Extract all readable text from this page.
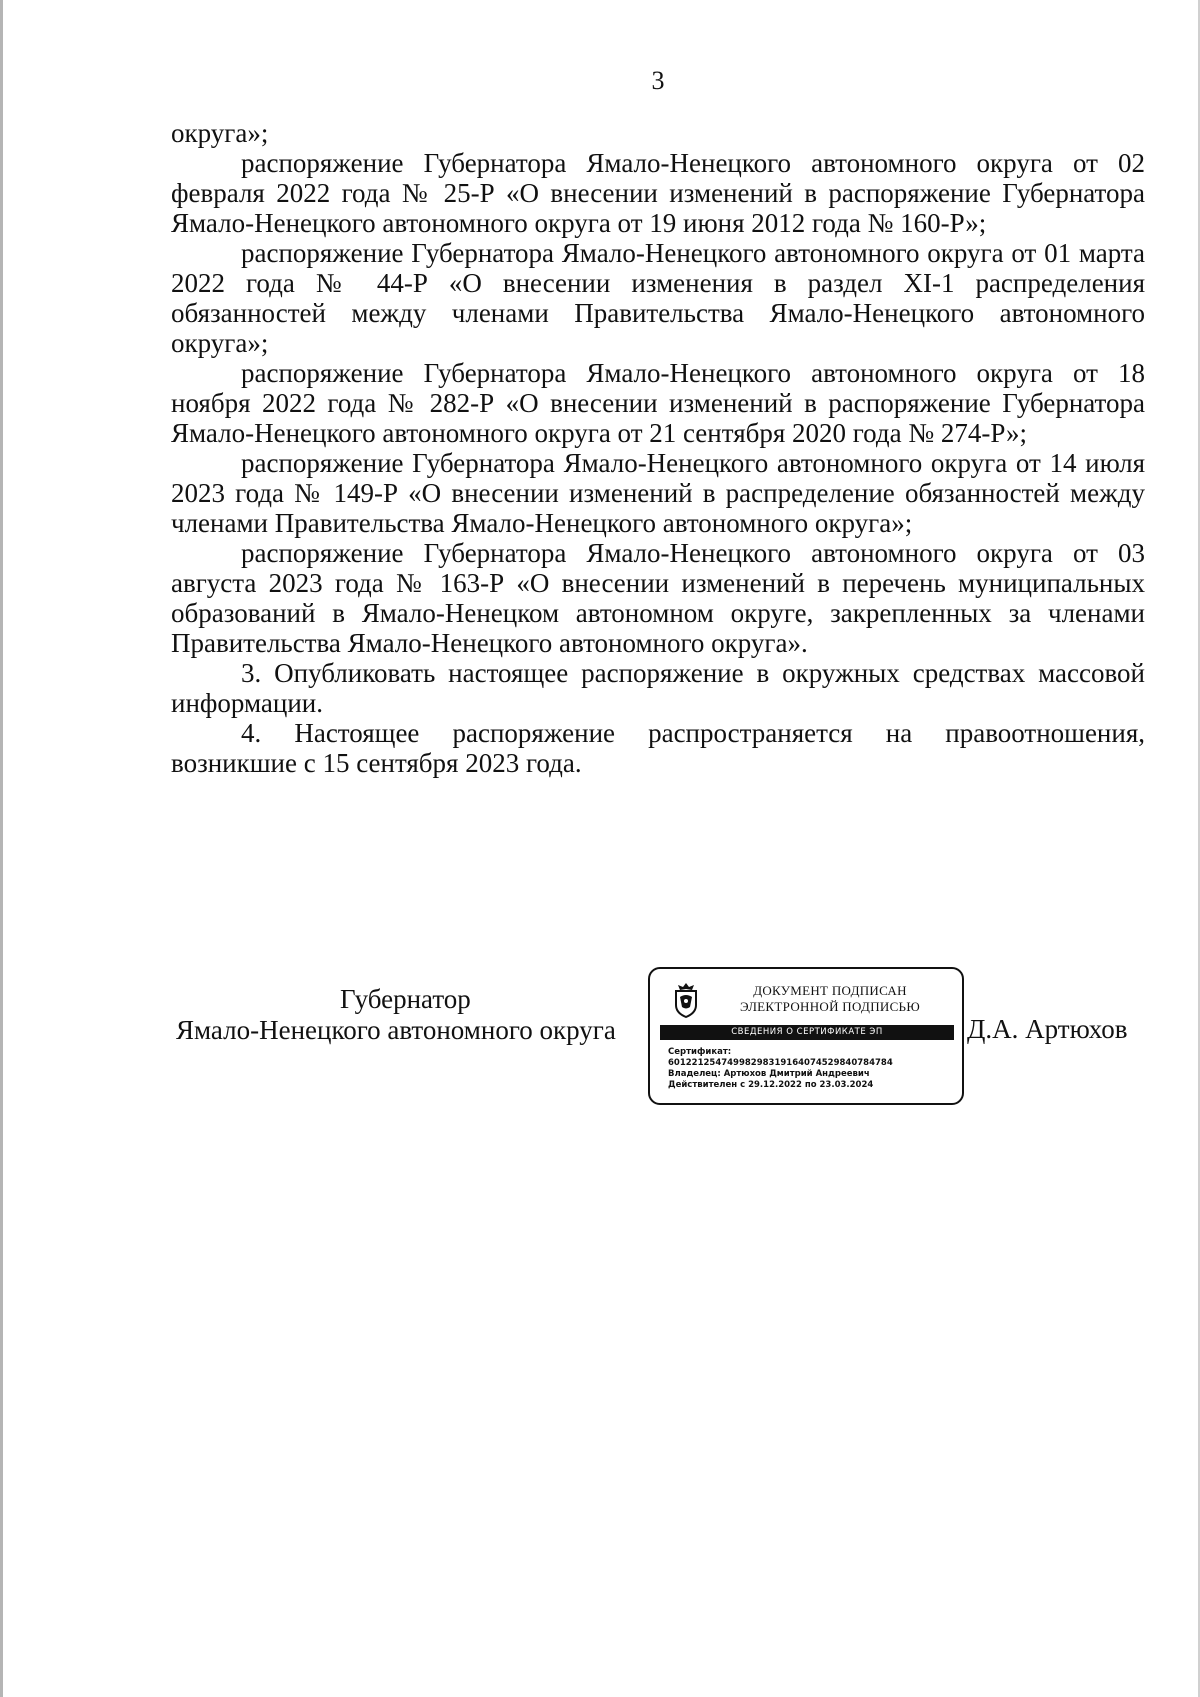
3

округа»;

распоряжение Губернатора Ямало-Ненецкого автономного округа от 02 февраля 2022 года № 25-Р «О внесении изменений в распоряжение Губернатора Ямало-Ненецкого автономного округа от 19 июня 2012 года № 160-Р»;

распоряжение Губернатора Ямало-Ненецкого автономного округа от 01 марта 2022 года № 44-Р «О внесении изменения в раздел XI-1 распределения обязанностей между членами Правительства Ямало-Ненецкого автономного округа»;

распоряжение Губернатора Ямало-Ненецкого автономного округа от 18 ноября 2022 года № 282-Р «О внесении изменений в распоряжение Губернатора Ямало-Ненецкого автономного округа от 21 сентября 2020 года № 274-Р»;

распоряжение Губернатора Ямало-Ненецкого автономного округа от 14 июля 2023 года № 149-Р «О внесении изменений в распределение обязанностей между членами Правительства Ямало-Ненецкого автономного округа»;

распоряжение Губернатора Ямало-Ненецкого автономного округа от 03 августа 2023 года № 163-Р «О внесении изменений в перечень муниципальных образований в Ямало-Ненецком автономном округе, закрепленных за членами Правительства Ямало-Ненецкого автономного округа».

3. Опубликовать настоящее распоряжение в окружных средствах массовой информации.

4. Настоящее распоряжение распространяется на правоотношения, возникшие с 15 сентября 2023 года.

Губернатор
Ямало-Ненецкого автономного округа
ДОКУМЕНТ ПОДПИСАН
ЭЛЕКТРОННОЙ ПОДПИСЬЮ
СВЕДЕНИЯ О СЕРТИФИКАТЕ ЭП
Сертификат:
601221254749982983191640745298407847​84
Владелец: Артюхов Дмитрий Андреевич
Действителен с 29.12.2022 по 23.03.2024
Д.А. Артюхов
